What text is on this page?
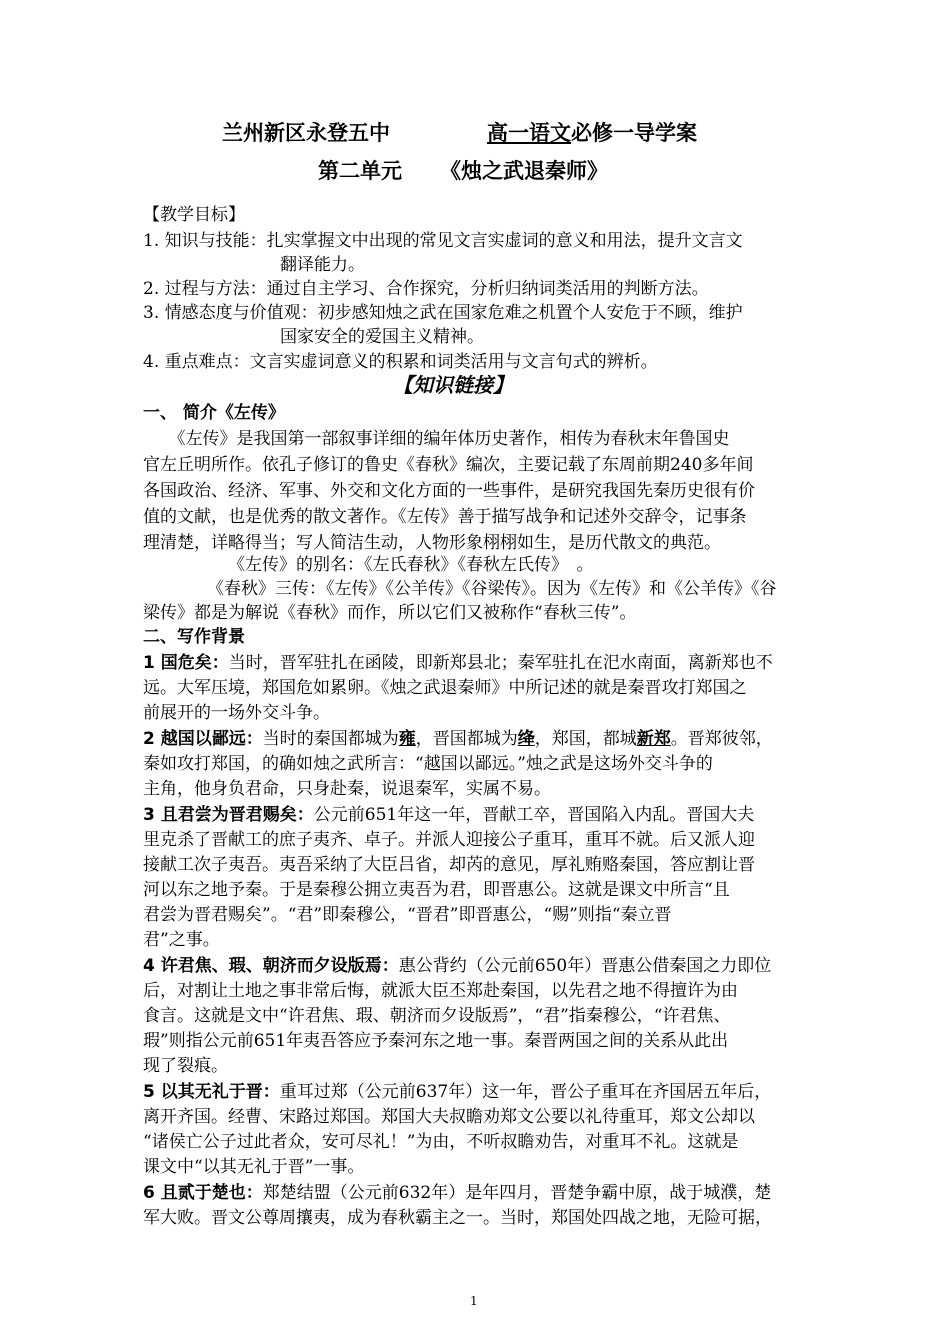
兰州新区永登五中	高一语文必修一导学案
第二单元 《烛之武退秦师》
【教学目标】
1. 知识与技能：扎实掌握文中出现的常见文言实虚词的意义和用法，提升文言文
翻译能力。
2. 过程与方法：通过自主学习、合作探究，分析归纳词类活用的判断方法。
3. 情感态度与价值观：初步感知烛之武在国家危难之机置个人安危于不顾，维护
国家安全的爱国主义精神。
4. 重点难点：文言实虚词意义的积累和词类活用与文言句式的辨析。
【知识链接】
一、 简介《左传》
　　《左传》是我国第一部叙事详细的编年体历史著作，相传为春秋末年鲁国史
官左丘明所作。依孔子修订的鲁史《春秋》编次，主要记载了东周前期240多年间
各国政治、经济、军事、外交和文化方面的一些事件，是研究我国先秦历史很有价
值的文献，也是优秀的散文著作。《左传》善于描写战争和记述外交辞令，记事条
理清楚，详略得当；写人简洁生动，人物形象栩栩如生，是历代散文的典范。
《左传》的别名：《左氏春秋》《春秋左氏传》　。
《春秋》三传：《左传》《公羊传》《谷梁传》。因为《左传》和《公羊传》《谷
梁传》都是为解说《春秋》而作，所以它们又被称作“春秋三传”。
二、写作背景
1 国危矣：当时，晋军驻扎在函陵，即新郑县北；秦军驻扎在汜水南面，离新郑也不
远。大军压境，郑国危如累卵。《烛之武退秦师》中所记述的就是秦晋攻打郑国之
前展开的一场外交斗争。
2 越国以鄙远：当时的秦国都城为雍，晋国都城为绛，郑国，都城新郑。晋郑彼邻，
秦如攻打郑国，的确如烛之武所言：“越国以鄙远。”烛之武是这场外交斗争的
主角，他身负君命，只身赴秦，说退秦军，实属不易。
3 且君尝为晋君赐矣：公元前651年这一年，晋献工卒，晋国陷入内乱。晋国大夫
里克杀了晋献工的庶子夷齐、卓子。并派人迎接公子重耳，重耳不就。后又派人迎
接献工次子夷吾。夷吾采纳了大臣吕省，却芮的意见，厚礼贿赂秦国，答应割让晋
河以东之地予秦。于是秦穆公拥立夷吾为君，即晋惠公。这就是课文中所言“且
君尝为晋君赐矣”。“君”即秦穆公，“晋君”即晋惠公，“赐”则指“秦立晋
君”之事。
4 许君焦、瑕、朝济而夕设版焉：惠公背约（公元前650年）晋惠公借秦国之力即位
后，对割让土地之事非常后悔，就派大臣丕郑赴秦国，以先君之地不得擅许为由
食言。这就是文中“许君焦、瑕、朝济而夕设版焉”，“君”指秦穆公，“许君焦、
瑕”则指公元前651年夷吾答应予秦河东之地一事。秦晋两国之间的关系从此出
现了裂痕。
5 以其无礼于晋：重耳过郑（公元前637年）这一年，晋公子重耳在齐国居五年后，
离开齐国。经曹、宋路过郑国。郑国大夫叔瞻劝郑文公要以礼待重耳，郑文公却以
“诸侯亡公子过此者众，安可尽礼！”为由，不听叔瞻劝告，对重耳不礼。这就是
课文中“以其无礼于晋”一事。
6 且贰于楚也：郑楚结盟（公元前632年）是年四月，晋楚争霸中原，战于城濮，楚
军大败。晋文公尊周攘夷，成为春秋霸主之一。当时，郑国处四战之地，无险可据，
1
